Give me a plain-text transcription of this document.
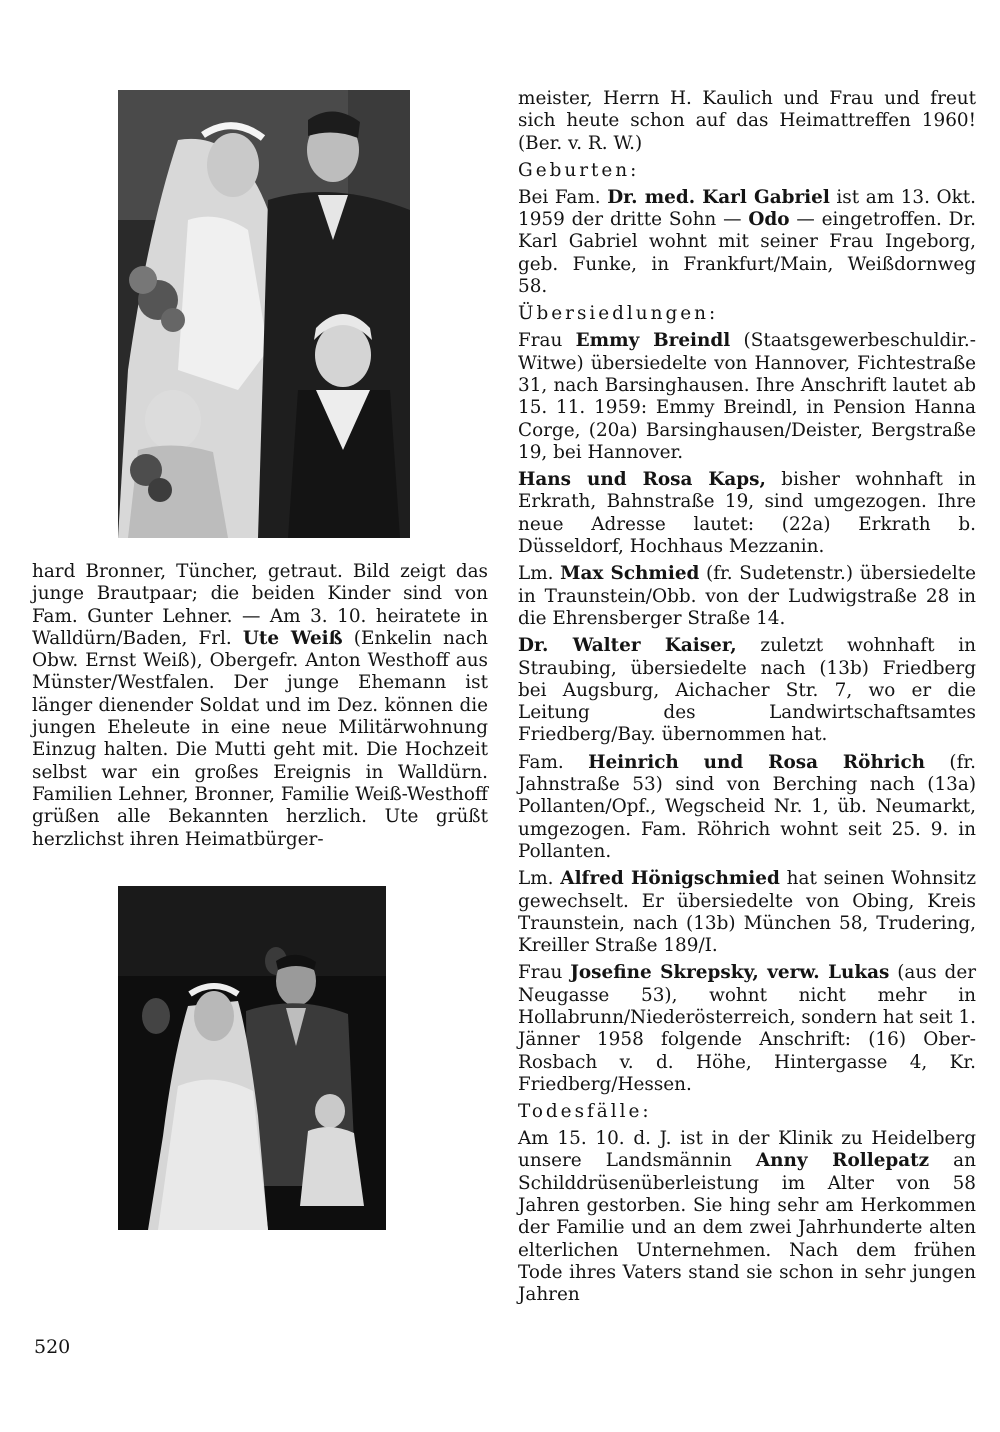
hard Bronner, Tüncher, getraut. Bild zeigt das junge Brautpaar; die beiden Kinder sind von Fam. Gunter Lehner. — Am 3. 10. heiratete in Walldürn/Baden, Frl. Ute Weiß (Enkelin nach Obw. Ernst Weiß), Obergefr. Anton Westhoff aus Münster/Westfalen. Der junge Ehemann ist länger dienender Soldat und im Dez. können die jungen Eheleute in eine neue Militärwohnung Einzug halten. Die Mutti geht mit. Die Hochzeit selbst war ein großes Ereignis in Walldürn. Familien Lehner, Bronner, Familie Weiß-Westhoff grüßen alle Bekannten herzlich. Ute grüßt herzlichst ihren Heimatbürger-

meister, Herrn H. Kaulich und Frau und freut sich heute schon auf das Heimattreffen 1960! (Ber. v. R. W.)

Geburten:

Bei Fam. Dr. med. Karl Gabriel ist am 13. Okt. 1959 der dritte Sohn — Odo — eingetroffen. Dr. Karl Gabriel wohnt mit seiner Frau Ingeborg, geb. Funke, in Frankfurt/Main, Weißdornweg 58.

Übersiedlungen:

Frau Emmy Breindl (Staatsgewerbeschuldir.-Witwe) übersiedelte von Hannover, Fichtestraße 31, nach Barsinghausen. Ihre Anschrift lautet ab 15. 11. 1959: Emmy Breindl, in Pension Hanna Corge, (20a) Barsinghausen/Deister, Bergstraße 19, bei Hannover.

Hans und Rosa Kaps, bisher wohnhaft in Erkrath, Bahnstraße 19, sind umgezogen. Ihre neue Adresse lautet: (22a) Erkrath b. Düsseldorf, Hochhaus Mezzanin.

Lm. Max Schmied (fr. Sudetenstr.) übersiedelte in Traunstein/Obb. von der Ludwigstraße 28 in die Ehrensberger Straße 14.

Dr. Walter Kaiser, zuletzt wohnhaft in Straubing, übersiedelte nach (13b) Friedberg bei Augsburg, Aichacher Str. 7, wo er die Leitung des Landwirtschaftsamtes Friedberg/Bay. übernommen hat.

Fam. Heinrich und Rosa Röhrich (fr. Jahnstraße 53) sind von Berching nach (13a) Pollanten/Opf., Wegscheid Nr. 1, üb. Neumarkt, umgezogen. Fam. Röhrich wohnt seit 25. 9. in Pollanten.

Lm. Alfred Hönigschmied hat seinen Wohnsitz gewechselt. Er übersiedelte von Obing, Kreis Traunstein, nach (13b) München 58, Trudering, Kreiller Straße 189/I.

Frau Josefine Skrepsky, verw. Lukas (aus der Neugasse 53), wohnt nicht mehr in Hollabrunn/Niederösterreich, sondern hat seit 1. Jänner 1958 folgende Anschrift: (16) Ober-Rosbach v. d. Höhe, Hintergasse 4, Kr. Friedberg/Hessen.

Todesfälle:

Am 15. 10. d. J. ist in der Klinik zu Heidelberg unsere Landsmännin Anny Rollepatz an Schilddrüsenüberleistung im Alter von 58 Jahren gestorben. Sie hing sehr am Herkommen der Familie und an dem zwei Jahrhunderte alten elterlichen Unternehmen. Nach dem frühen Tode ihres Vaters stand sie schon in sehr jungen Jahren

520
